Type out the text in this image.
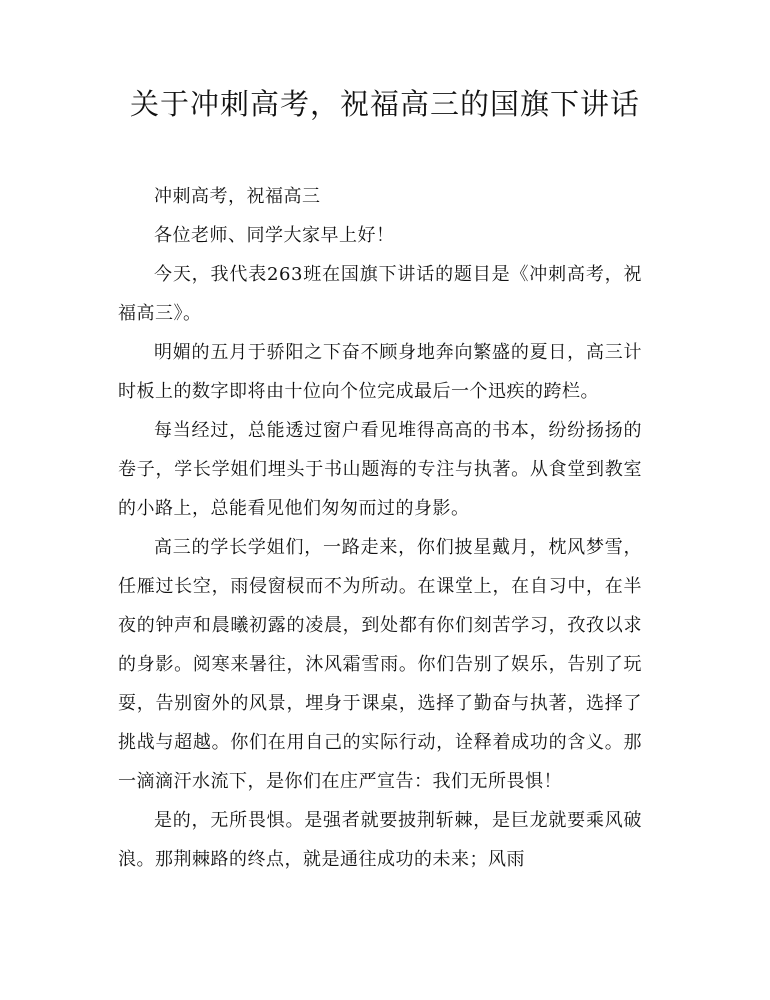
关于冲刺高考，祝福高三的国旗下讲话

冲刺高考，祝福高三

各位老师、同学大家早上好！

今天，我代表263班在国旗下讲话的题目是《冲刺高考，祝福高三》。

明媚的五月于骄阳之下奋不顾身地奔向繁盛的夏日，高三计时板上的数字即将由十位向个位完成最后一个迅疾的跨栏。

每当经过，总能透过窗户看见堆得高高的书本，纷纷扬扬的卷子，学长学姐们埋头于书山题海的专注与执著。从食堂到教室的小路上，总能看见他们匆匆而过的身影。

高三的学长学姐们，一路走来，你们披星戴月，枕风梦雪，任雁过长空，雨侵窗棂而不为所动。在课堂上，在自习中，在半夜的钟声和晨曦初露的凌晨，到处都有你们刻苦学习，孜孜以求的身影。阅寒来暑往，沐风霜雪雨。你们告别了娱乐，告别了玩耍，告别窗外的风景，埋身于课桌，选择了勤奋与执著，选择了挑战与超越。你们在用自己的实际行动，诠释着成功的含义。那一滴滴汗水流下，是你们在庄严宣告：我们无所畏惧！

是的，无所畏惧。是强者就要披荆斩棘，是巨龙就要乘风破浪。那荆棘路的终点，就是通往成功的未来；风雨
